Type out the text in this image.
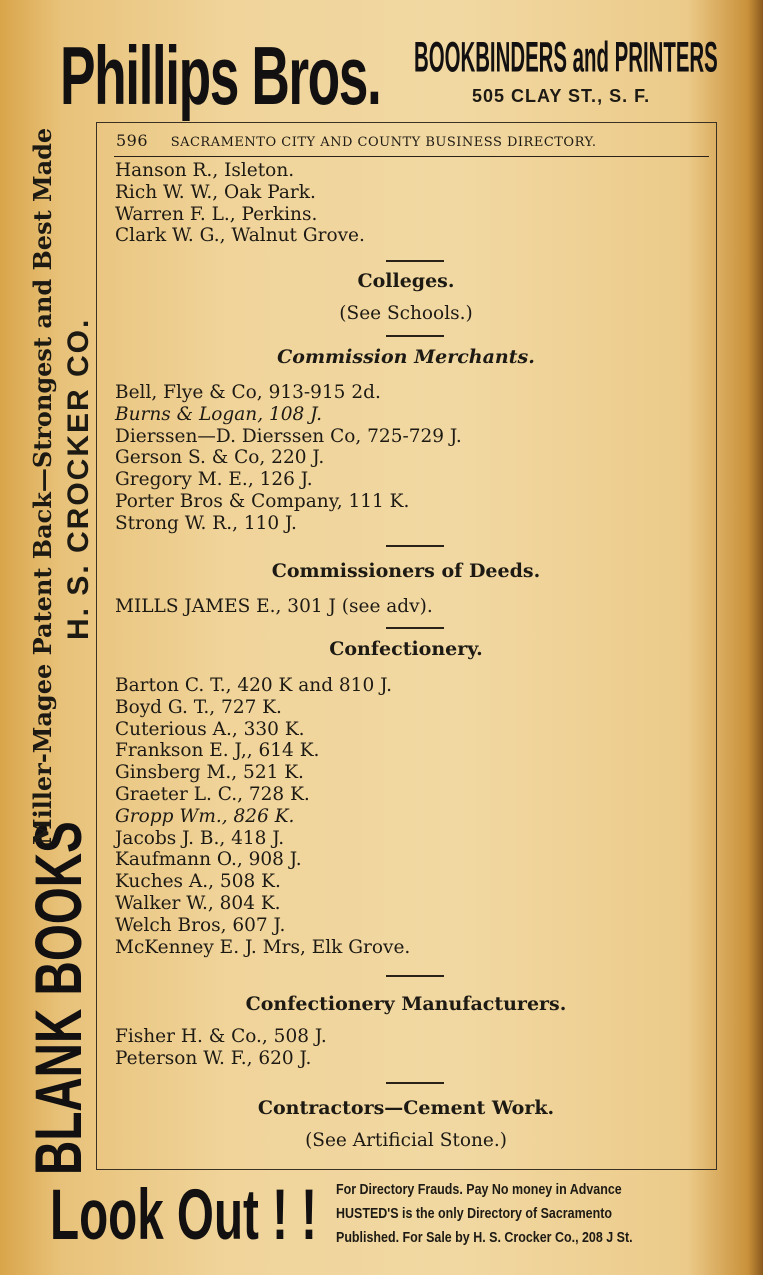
Phillips Bros. BOOKBINDERS and PRINTERS
505 CLAY ST., S. F.
BLANK BOOKS
Miller-Magee Patent Back—Strongest and Best Made H. S. CROCKER CO.
596 SACRAMENTO CITY AND COUNTY BUSINESS DIRECTORY.
Hanson R., Isleton.
Rich W. W., Oak Park.
Warren F. L., Perkins.
Clark W. G., Walnut Grove.
Colleges.
(See Schools.)
Commission Merchants.
Bell, Flye & Co, 913-915 2d.
Burns & Logan, 108 J.
Dierssen—D. Dierssen Co, 725-729 J.
Gerson S. & Co, 220 J.
Gregory M. E., 126 J.
Porter Bros & Company, 111 K.
Strong W. R., 110 J.
Commissioners of Deeds.
MILLS JAMES E., 301 J (see adv).
Confectionery.
Barton C. T., 420 K and 810 J.
Boyd G. T., 727 K.
Cuterious A., 330 K.
Frankson E. J,, 614 K.
Ginsberg M., 521 K.
Graeter L. C., 728 K.
Gropp Wm., 826 K.
Jacobs J. B., 418 J.
Kaufmann O., 908 J.
Kuches A., 508 K.
Walker W., 804 K.
Welch Bros, 607 J.
McKenney E. J. Mrs, Elk Grove.
Confectionery Manufacturers.
Fisher H. & Co., 508 J.
Peterson W. F., 620 J.
Contractors—Cement Work.
(See Artificial Stone.)
Look Out ! ! For Directory Frauds. Pay No money in Advance
HUSTED'S is the only Directory of Sacramento
Published. For Sale by H. S. Crocker Co., 208 J St.
